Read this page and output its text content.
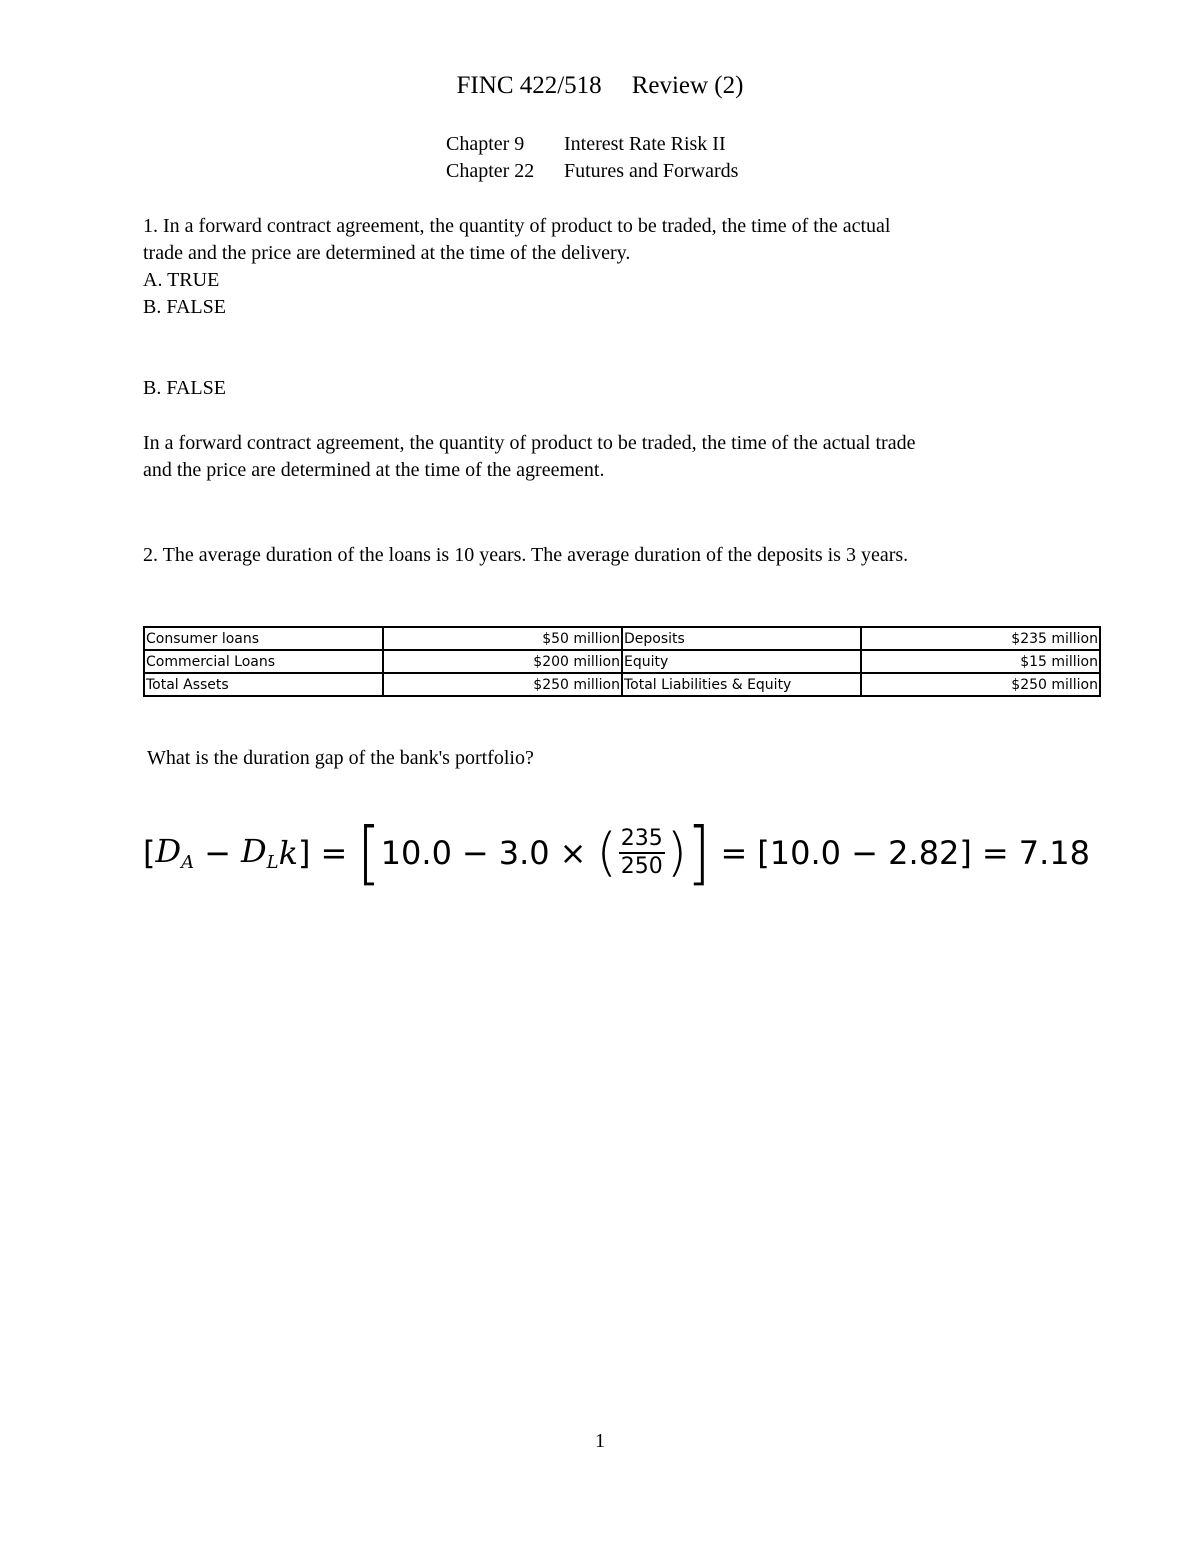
FINC 422/518 Review (2)
Chapter 9 Interest Rate Risk II
Chapter 22 Futures and Forwards
1. In a forward contract agreement, the quantity of product to be traded, the time of the actual
trade and the price are determined at the time of the delivery.
A. TRUE
B. FALSE
B. FALSE
In a forward contract agreement, the quantity of product to be traded, the time of the actual trade
and the price are determined at the time of the agreement.
2. The average duration of the loans is 10 years. The average duration of the deposits is 3 years.
Consumer loans	$50 million	Deposits	$235 million
Commercial Loans	$200 million	Equity	$15 million
Total Assets	$250 million	Total Liabilities & Equity	$250 million
What is the duration gap of the bank's portfolio?
[ $D_A - D_L$ k ] = [ 10.0 − 3.0 × ( $\frac{235}{250}$ ) ] = [10.0 − 2.82] = 7.18
1
